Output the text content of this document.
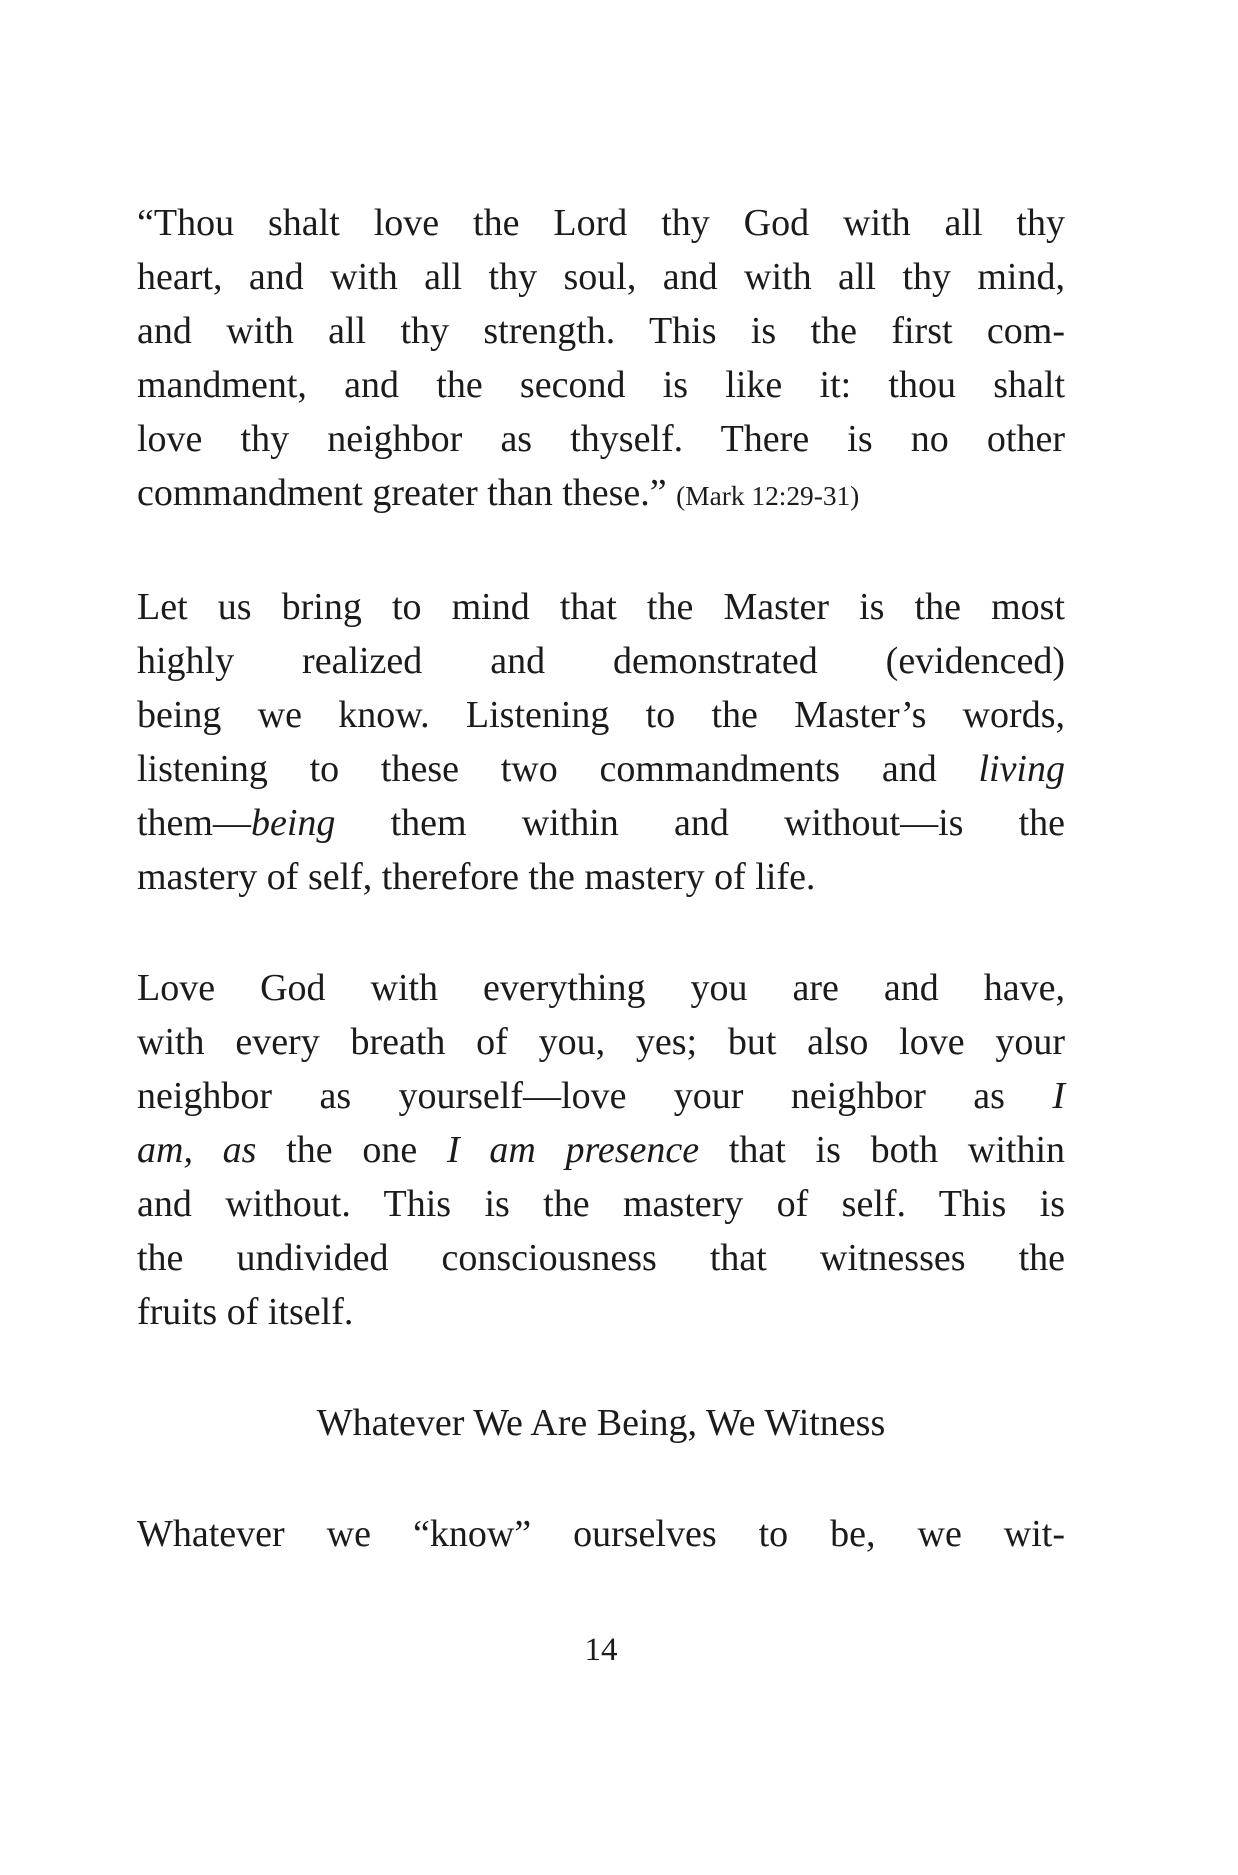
“Thou shalt love the Lord thy God with all thy
heart, and with all thy soul, and with all thy mind,
and with all thy strength. This is the first com-
mandment, and the second is like it: thou shalt
love thy neighbor as thyself. There is no other
commandment greater than these.” (Mark 12:29-31)
Let us bring to mind that the Master is the most
highly realized and demonstrated (evidenced)
being we know. Listening to the Master’s words,
listening to these two commandments and living
them—being them within and without—is the
mastery of self, therefore the mastery of life.
Love God with everything you are and have,
with every breath of you, yes; but also love your
neighbor as yourself—love your neighbor as I
am, as the one I am presence that is both within
and without. This is the mastery of self. This is
the undivided consciousness that witnesses the
fruits of itself.
Whatever We Are Being, We Witness
Whatever we “know” ourselves to be, we wit-
14
